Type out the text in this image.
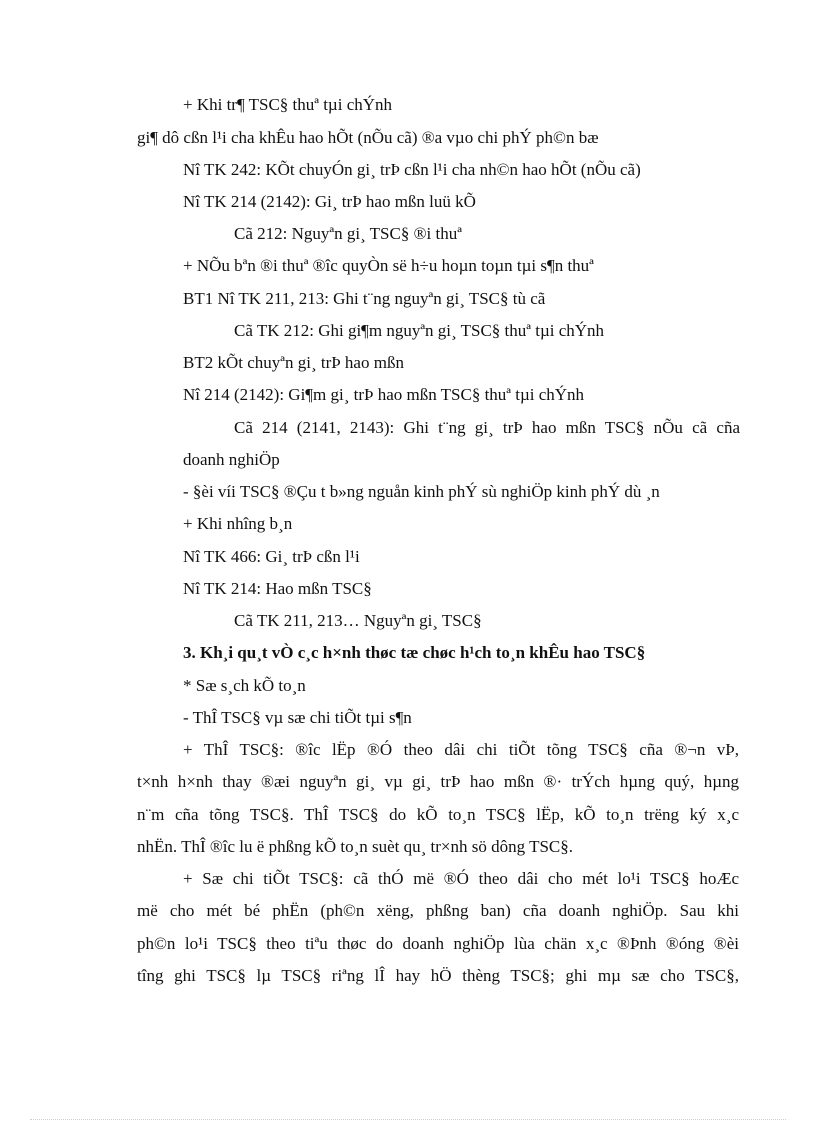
+ Khi tr¶ TSC§ thuª tµi chÝnh
gi¶ dô cßn l¹i cha khÊu hao hÕt (nÕu cã) ®a vµo chi phÝ ph©n bæ
Nî TK 242: KÕt chuyÓn gi¸ trÞ cßn l¹i cha nh©n hao hÕt (nÕu cã)
Nî TK 214 (2142): Gi¸ trÞ hao mßn luü kÕ
Cã 212: Nguyªn gi¸ TSC§ ®i thuª
+ NÕu bªn ®i thuª ®îc quyÒn së h÷u hoµn toµn tµi s¶n thuª
BT1 Nî TK 211, 213: Ghi t¨ng nguyªn gi¸ TSC§ tù cã
Cã TK 212: Ghi gi¶m nguyªn gi¸ TSC§ thuª tµi chÝnh
BT2 kÕt chuyªn gi¸ trÞ hao mßn
Nî 214 (2142): Gi¶m gi¸ trÞ hao mßn TSC§ thuª tµi chÝnh
Cã 214 (2141, 2143): Ghi t¨ng gi¸ trÞ hao mßn TSC§ nÕu cã cña
doanh nghiÖp
- §èi víi TSC§ ®Çu t b»ng nguån kinh phÝ sù nghiÖp kinh phÝ dù ¸n
+ Khi nhîng b¸n
Nî TK 466: Gi¸ trÞ cßn l¹i
Nî TK 214: Hao mßn TSC§
Cã TK 211, 213… Nguyªn gi¸ TSC§
3. Kh¸i qu¸t vÒ c¸c h×nh thøc tæ chøc h¹ch to¸n khÊu hao TSC§
* Sæ s¸ch kÕ to¸n
- ThÎ TSC§ vµ sæ chi tiÕt tµi s¶n
+ ThÎ TSC§: ®îc lËp ®Ó theo dâi chi tiÕt tõng TSC§ cña ®¬n vÞ,
t×nh h×nh thay ®æi nguyªn gi¸ vµ gi¸ trÞ hao mßn ®· trÝch hµng quý, hµng
n¨m cña tõng TSC§. ThÎ TSC§ do kÕ to¸n TSC§ lËp, kÕ to¸n trëng ký x¸c
nhËn. ThÎ ®îc lu ë phßng kÕ to¸n suèt qu¸ tr×nh sö dông TSC§.
+ Sæ chi tiÕt TSC§: cã thÓ më ®Ó theo dâi cho mét lo¹i TSC§ hoÆc
më cho mét bé phËn (ph©n xëng, phßng ban) cña doanh nghiÖp. Sau khi
ph©n lo¹i TSC§ theo tiªu thøc do doanh nghiÖp lùa chän x¸c ®Þnh ®óng ®èi
tîng ghi TSC§ lµ TSC§ riªng lÎ hay hÖ thèng TSC§; ghi mµ sæ cho TSC§,
